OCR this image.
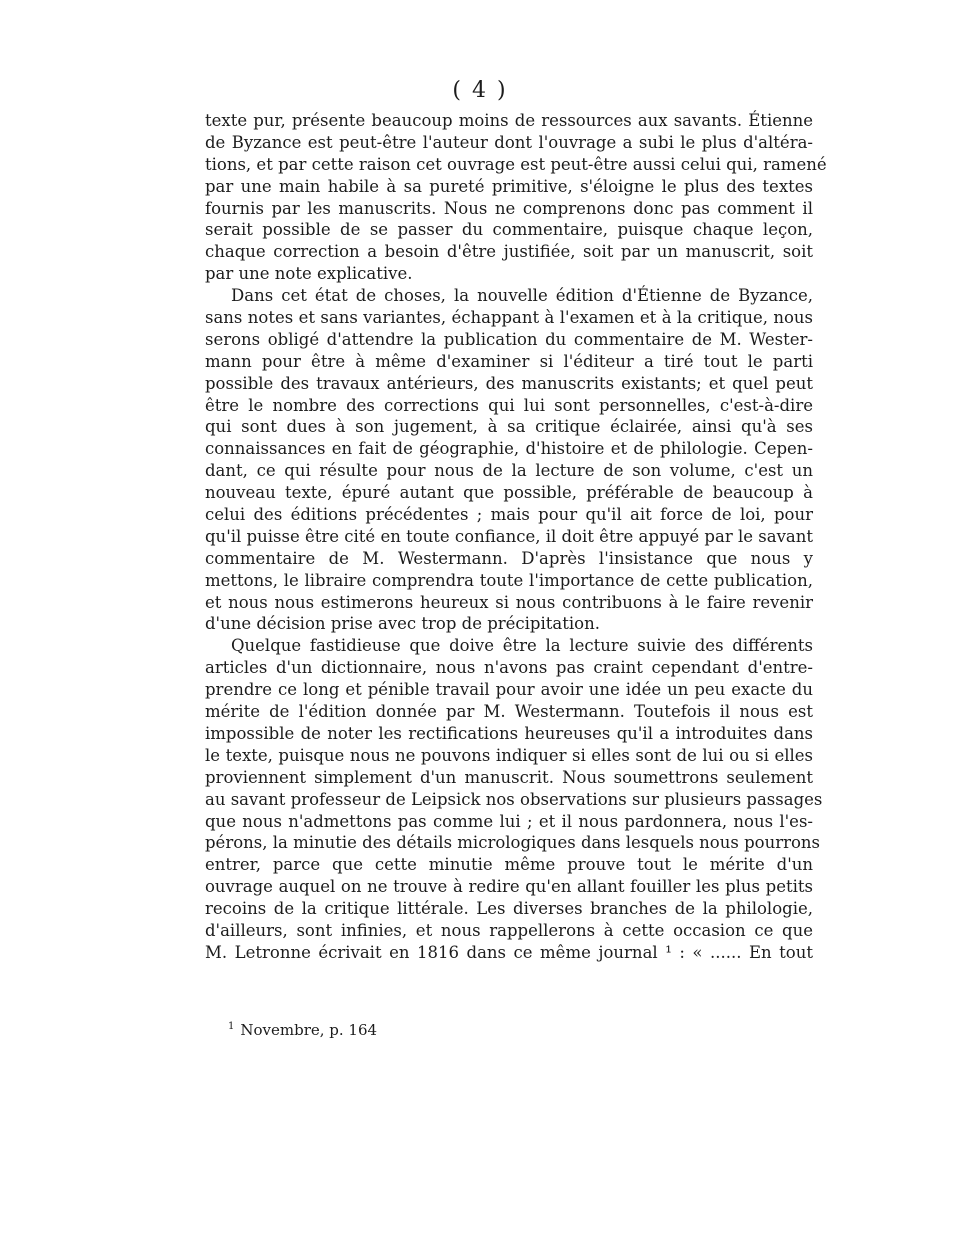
( 4 )
texte pur, présente beaucoup moins de ressources aux savants. Étienne
de Byzance est peut-être l'auteur dont l'ouvrage a subi le plus d'altéra-
tions, et par cette raison cet ouvrage est peut-être aussi celui qui, ramené
par une main habile à sa pureté primitive, s'éloigne le plus des textes
fournis par les manuscrits. Nous ne comprenons donc pas comment il
serait possible de se passer du commentaire, puisque chaque leçon,
chaque correction a besoin d'être justifiée, soit par un manuscrit, soit
par une note explicative.
Dans cet état de choses, la nouvelle édition d'Étienne de Byzance,
sans notes et sans variantes, échappant à l'examen et à la critique, nous
serons obligé d'attendre la publication du commentaire de M. Wester-
mann pour être à même d'examiner si l'éditeur a tiré tout le parti
possible des travaux antérieurs, des manuscrits existants; et quel peut
être le nombre des corrections qui lui sont personnelles, c'est-à-dire
qui sont dues à son jugement, à sa critique éclairée, ainsi qu'à ses
connaissances en fait de géographie, d'histoire et de philologie. Cepen-
dant, ce qui résulte pour nous de la lecture de son volume, c'est un
nouveau texte, épuré autant que possible, préférable de beaucoup à
celui des éditions précédentes ; mais pour qu'il ait force de loi, pour
qu'il puisse être cité en toute confiance, il doit être appuyé par le savant
commentaire de M. Westermann. D'après l'insistance que nous y
mettons, le libraire comprendra toute l'importance de cette publication,
et nous nous estimerons heureux si nous contribuons à le faire revenir
d'une décision prise avec trop de précipitation.
Quelque fastidieuse que doive être la lecture suivie des différents
articles d'un dictionnaire, nous n'avons pas craint cependant d'entre-
prendre ce long et pénible travail pour avoir une idée un peu exacte du
mérite de l'édition donnée par M. Westermann. Toutefois il nous est
impossible de noter les rectifications heureuses qu'il a introduites dans
le texte, puisque nous ne pouvons indiquer si elles sont de lui ou si elles
proviennent simplement d'un manuscrit. Nous soumettrons seulement
au savant professeur de Leipsick nos observations sur plusieurs passages
que nous n'admettons pas comme lui ; et il nous pardonnera, nous l'es-
pérons, la minutie des détails micrologiques dans lesquels nous pourrons
entrer, parce que cette minutie même prouve tout le mérite d'un
ouvrage auquel on ne trouve à redire qu'en allant fouiller les plus petits
recoins de la critique littérale. Les diverses branches de la philologie,
d'ailleurs, sont infinies, et nous rappellerons à cette occasion ce que
M. Letronne écrivait en 1816 dans ce même journal ¹ : « ...... En tout
$^1$ Novembre, p. 164
